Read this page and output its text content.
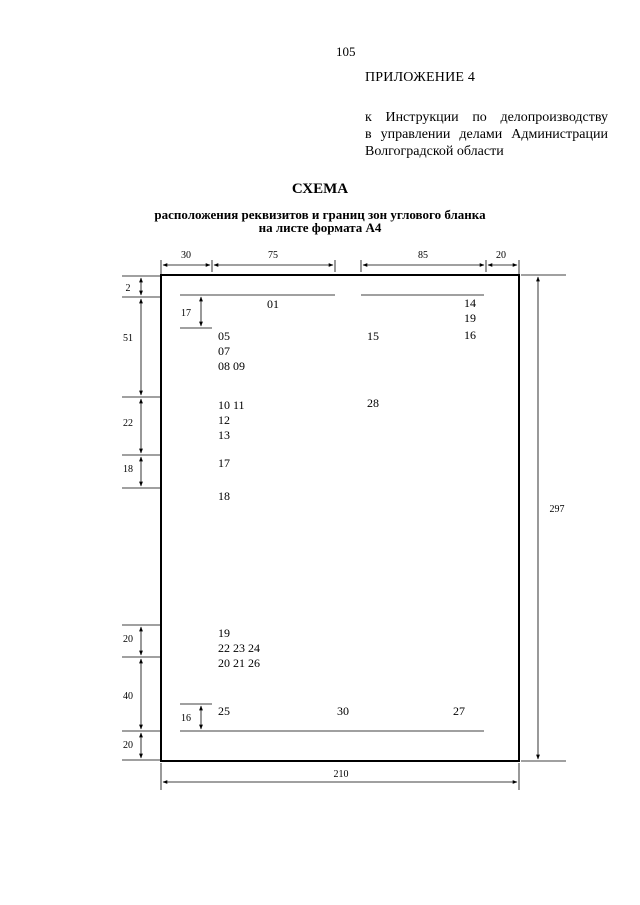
105
ПРИЛОЖЕНИЕ 4
к Инструкции по делопроизводству
в управлении делами Администрации
Волгоградской области
СХЕМА
расположения реквизитов и границ зон углового бланка
на листе формата А4
30	75	85	20
2
51
22
18
20
40
20
297
210
17
16
01	14
19
05	15	16
07
08 09
10 11	28
12
13
17
18
19
22 23 24
20 21 26
25	30	27
